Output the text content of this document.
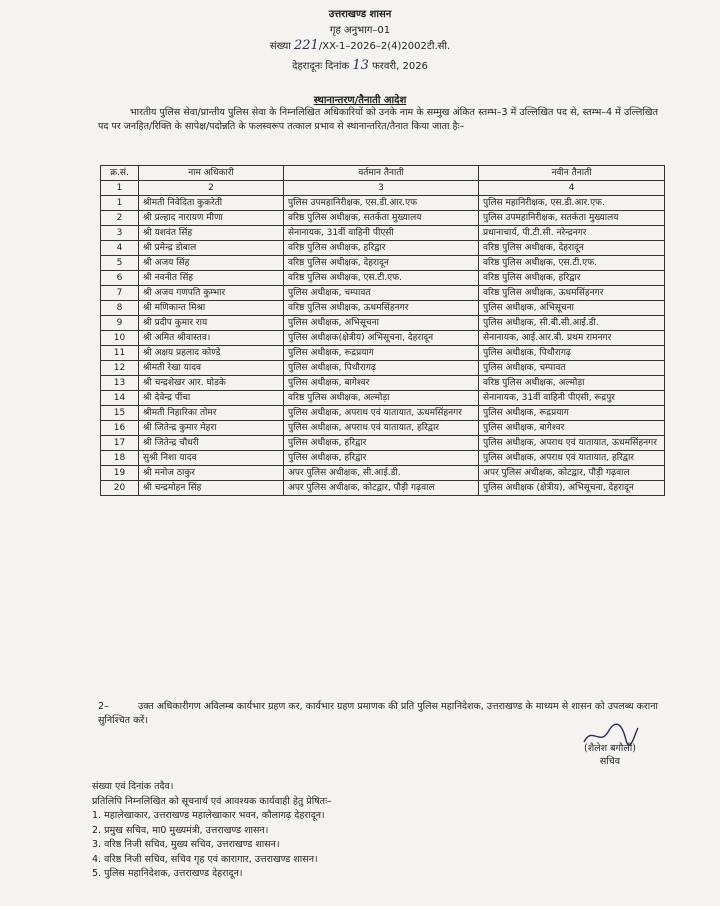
उत्तराखण्ड शासन
गृह अनुभाग–01
संख्या 221/XX-1–2026–2(4)2002टी.सी.
देहरादूनः दिनांक 13 फरवरी, 2026
स्थानान्तरण/तैनाती आदेश
भारतीय पुलिस सेवा/प्रान्तीय पुलिस सेवा के निम्नलिखित अधिकारियों को उनके नाम के सम्मुख अंकित स्तम्भ–3 में उल्लिखित पद से, स्तम्भ–4 में उल्लिखित पद पर जनहित/रिक्ति के सापेक्ष/पदोन्नति के फलस्वरूप तत्काल प्रभाव से स्थानान्तरित/तैनात किया जाता हैः–
क्र.सं.	नाम अधिकारी	वर्तमान तैनाती	नवीन तैनाती
1	2	3	4
1	श्रीमती निवेदिता कुकरेती	पुलिस उपमहानिरीक्षक, एस.डी.आर.एफ	पुलिस महानिरीक्षक, एस.डी.आर.एफ.
2	श्री प्रल्हाद नारायण मीणा	वरिष्ठ पुलिस अधीक्षक, सतर्कता मुख्यालय	पुलिस उपमहानिरीक्षक, सतर्कता मुख्यालय
3	श्री यशवंत सिंह	सेनानायक, 31वीं वाहिनी पीएसी	प्रधानाचार्य, पी.टी.सी. नरेन्द्रनगर
4	श्री प्रमेन्द्र डोबाल	वरिष्ठ पुलिस अधीक्षक, हरिद्वार	वरिष्ठ पुलिस अधीक्षक, देहरादून
5	श्री अजय सिंह	वरिष्ठ पुलिस अधीक्षक, देहरादून	वरिष्ठ पुलिस अधीक्षक, एस.टी.एफ.
6	श्री नवनीत सिंह	वरिष्ठ पुलिस अधीक्षक, एस.टी.एफ.	वरिष्ठ पुलिस अधीक्षक, हरिद्वार
7	श्री अजय गणपति कुम्भार	पुलिस अधीक्षक, चम्पावत	वरिष्ठ पुलिस अधीक्षक, ऊधमसिंहनगर
8	श्री मणिकान्त मिश्रा	वरिष्ठ पुलिस अधीक्षक, ऊधमसिंहनगर	पुलिस अधीक्षक, अभिसूचना
9	श्री प्रदीप कुमार राय	पुलिस अधीक्षक, अभिसूचना	पुलिस अधीक्षक, सी.बी.सी.आई.डी.
10	श्री अमित श्रीवास्तव।	पुलिस अधीक्षक(क्षेत्रीय) अभिसूचना, देहरादून	सेनानायक, आई.आर.बी. प्रथम रामनगर
11	श्री अक्षय प्रहलाद कोण्डे	पुलिस अधीक्षक, रूद्रप्रयाग	पुलिस अधीक्षक, पिथौरागढ़
12	श्रीमती रेखा यादव	पुलिस अधीक्षक, पिथौरागढ़	पुलिस अधीक्षक, चम्पावत
13	श्री चन्द्रशेखर आर. घोडके	पुलिस अधीक्षक, बागेश्वर	वरिष्ठ पुलिस अधीक्षक, अल्मोड़ा
14	श्री देवेन्द्र पींचा	वरिष्ठ पुलिस अधीक्षक, अल्मोड़ा	सेनानायक, 31वीं वाहिनी पीएसी, रूद्रपुर
15	श्रीमती निहारिका तोमर	पुलिस अधीक्षक, अपराध एवं यातायात, ऊधमसिंहनगर	पुलिस अधीक्षक, रूद्रप्रयाग
16	श्री जितेन्द्र कुमार मेहरा	पुलिस अधीक्षक, अपराध एवं यातायात, हरिद्वार	पुलिस अधीक्षक, बागेश्वर
17	श्री जितेन्द्र चौधरी	पुलिस अधीक्षक, हरिद्वार	पुलिस अधीक्षक, अपराध एवं यातायात, ऊधमसिंहनगर
18	सुश्री निशा यादव	पुलिस अधीक्षक, हरिद्वार	पुलिस अधीक्षक, अपराध एवं यातायात, हरिद्वार
19	श्री मनोज ठाकुर	अपर पुलिस अधीक्षक, सी.आई.डी.	अपर पुलिस अधीक्षक, कोटद्वार, पौड़ी गढ़वाल
20	श्री चन्द्रमोहन सिंह	अपर पुलिस अधीक्षक, कोटद्वार, पौड़ी गढ़वाल	पुलिस अधीक्षक (क्षेत्रीय), अभिसूचना, देहरादून
2–	उक्त अधिकारीगण अविलम्ब कार्यभार ग्रहण कर, कार्यभार ग्रहण प्रमाणक की प्रति पुलिस महानिदेशक, उत्तराखण्ड के माध्यम से शासन को उपलब्ध कराना सुनिश्चित करें।
(शैलेश बगौली)
सचिव
संख्या एवं दिनांक तदैव।
प्रतिलिपि निम्नलिखित को सूचनार्थ एवं आवश्यक कार्यवाही हेतु प्रेषितः–
1. महालेखाकार, उत्तराखण्ड महालेखाकार भवन, कौलागढ़ देहरादून।
2. प्रमुख सचिव, मा0 मुख्यमंत्री, उत्तराखण्ड शासन।
3. वरिष्ठ निजी सचिव, मुख्य सचिव, उत्तराखण्ड शासन।
4. वरिष्ठ निजी सचिव, सचिव गृह एवं कारागार, उत्तराखण्ड शासन।
5. पुलिस महानिदेशक, उत्तराखण्ड देहरादून।
